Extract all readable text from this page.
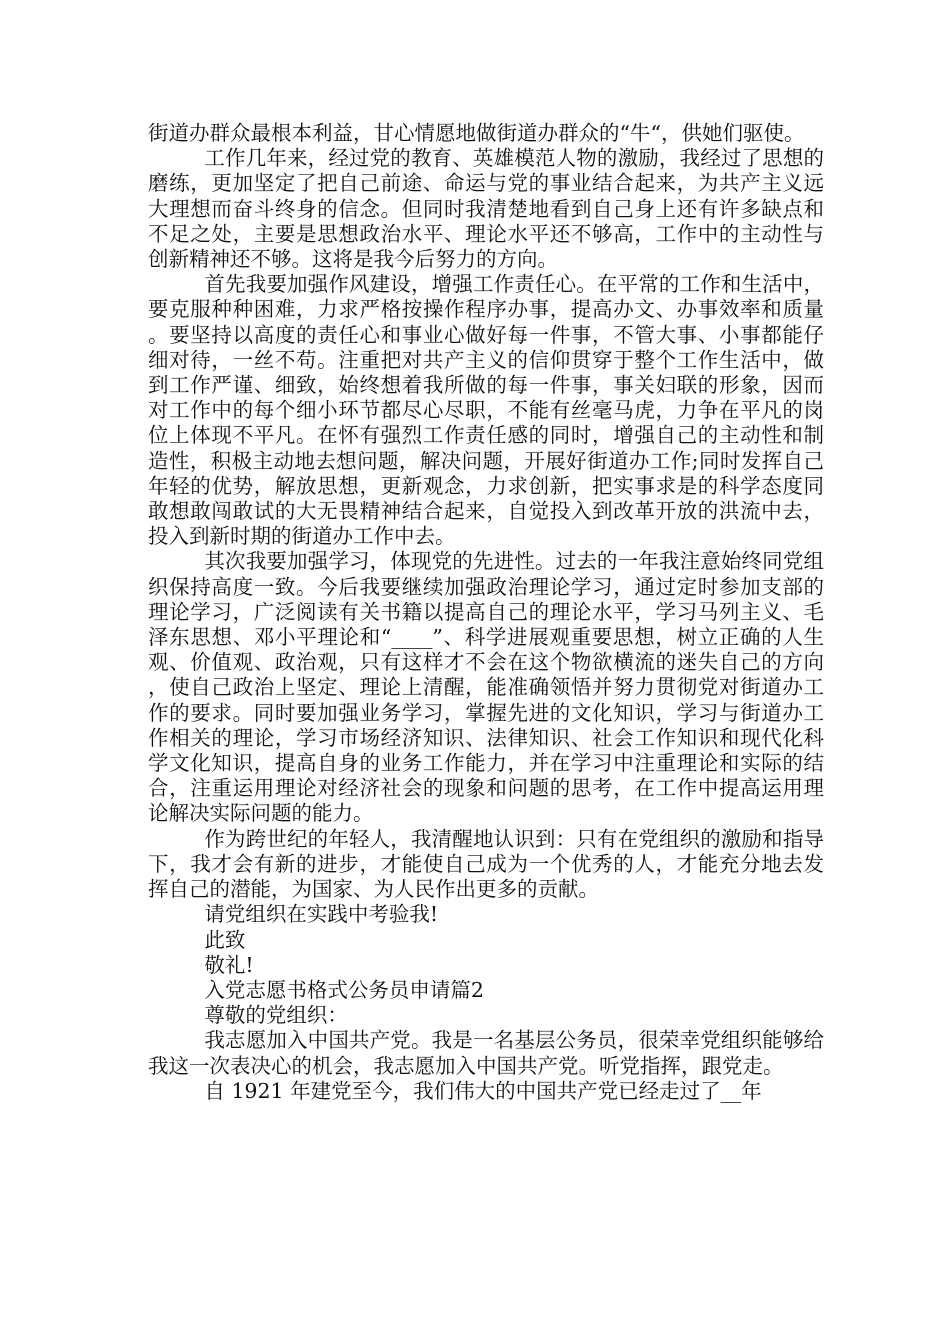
街道办群众最根本利益，甘心情愿地做街道办群众的“牛“，供她们驱使。

工作几年来，经过党的教育、英雄模范人物的激励，我经过了思想的磨练，更加坚定了把自己前途、命运与党的事业结合起来，为共产主义远大理想而奋斗终身的信念。但同时我清楚地看到自己身上还有许多缺点和不足之处，主要是思想政治水平、理论水平还不够高，工作中的主动性与创新精神还不够。这将是我今后努力的方向。

首先我要加强作风建设，增强工作责任心。在平常的工作和生活中，要克服种种困难，力求严格按操作程序办事，提高办文、办事效率和质量。要坚持以高度的责任心和事业心做好每一件事，不管大事、小事都能仔细对待，一丝不苟。注重把对共产主义的信仰贯穿于整个工作生活中，做到工作严谨、细致，始终想着我所做的每一件事，事关妇联的形象，因而对工作中的每个细小环节都尽心尽职，不能有丝毫马虎，力争在平凡的岗位上体现不平凡。在怀有强烈工作责任感的同时，增强自己的主动性和制造性，积极主动地去想问题，解决问题，开展好街道办工作;同时发挥自己年轻的优势，解放思想，更新观念，力求创新，把实事求是的科学态度同敢想敢闯敢试的大无畏精神结合起来，自觉投入到改革开放的洪流中去，投入到新时期的街道办工作中去。

其次我要加强学习，体现党的先进性。过去的一年我注意始终同党组织保持高度一致。今后我要继续加强政治理论学习，通过定时参加支部的理论学习，广泛阅读有关书籍以提高自己的理论水平，学习马列主义、毛泽东思想、邓小平理论和“____”、科学进展观重要思想，树立正确的人生观、价值观、政治观，只有这样才不会在这个物欲横流的迷失自己的方向，使自己政治上坚定、理论上清醒，能准确领悟并努力贯彻党对街道办工作的要求。同时要加强业务学习，掌握先进的文化知识，学习与街道办工作相关的理论，学习市场经济知识、法律知识、社会工作知识和现代化科学文化知识，提高自身的业务工作能力，并在学习中注重理论和实际的结合，注重运用理论对经济社会的现象和问题的思考，在工作中提高运用理论解决实际问题的能力。

作为跨世纪的年轻人，我清醒地认识到：只有在党组织的激励和指导下，我才会有新的进步，才能使自己成为一个优秀的人，才能充分地去发挥自己的潜能，为国家、为人民作出更多的贡献。

请党组织在实践中考验我!

此致

敬礼!

入党志愿书格式公务员申请篇2

尊敬的党组织：

我志愿加入中国共产党。我是一名基层公务员，很荣幸党组织能够给我这一次表决心的机会，我志愿加入中国共产党。听党指挥，跟党走。

自 1921 年建党至今，我们伟大的中国共产党已经走过了__年
